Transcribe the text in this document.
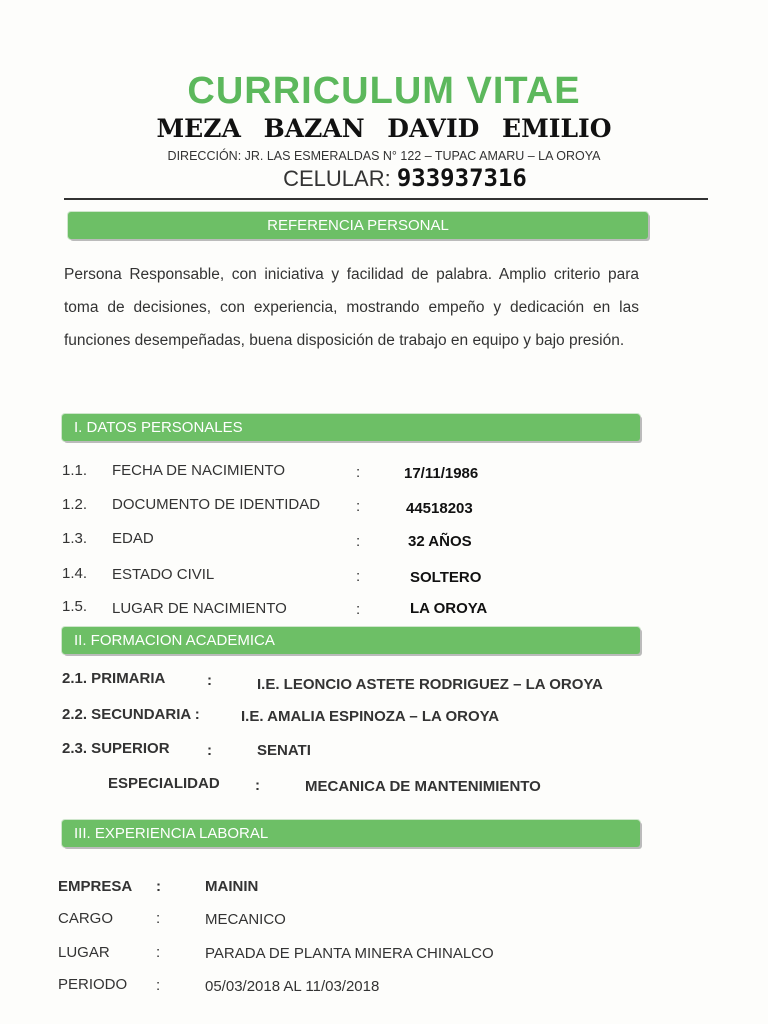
CURRICULUM VITAE
MEZA BAZAN DAVID EMILIO
DIRECCIÓN: JR. LAS ESMERALDAS N° 122 – TUPAC AMARU – LA OROYA
CELULAR: 933937316
REFERENCIA PERSONAL
Persona Responsable, con iniciativa y facilidad de palabra. Amplio criterio para toma de decisiones, con experiencia, mostrando empeño y dedicación en las funciones desempeñadas, buena disposición de trabajo en equipo y bajo presión.
I. DATOS PERSONALES
1.1. FECHA DE NACIMIENTO	:	17/11/1986
1.2. DOCUMENTO DE IDENTIDAD :	44518203
1.3. EDAD	:	32 AÑOS
1.4. ESTADO CIVIL	:	SOLTERO
1.5. LUGAR DE NACIMIENTO	:	LA OROYA
II. FORMACION ACADEMICA
2.1. PRIMARIA	:	I.E. LEONCIO ASTETE RODRIGUEZ – LA OROYA
2.2. SECUNDARIA :	I.E. AMALIA ESPINOZA – LA OROYA
2.3. SUPERIOR :	SENATI
ESPECIALIDAD :	MECANICA DE MANTENIMIENTO
III. EXPERIENCIA LABORAL
EMPRESA :	MAININ
CARGO	:	MECANICO
LUGAR	:	PARADA DE PLANTA MINERA CHINALCO
PERIODO :	05/03/2018 AL 11/03/2018
